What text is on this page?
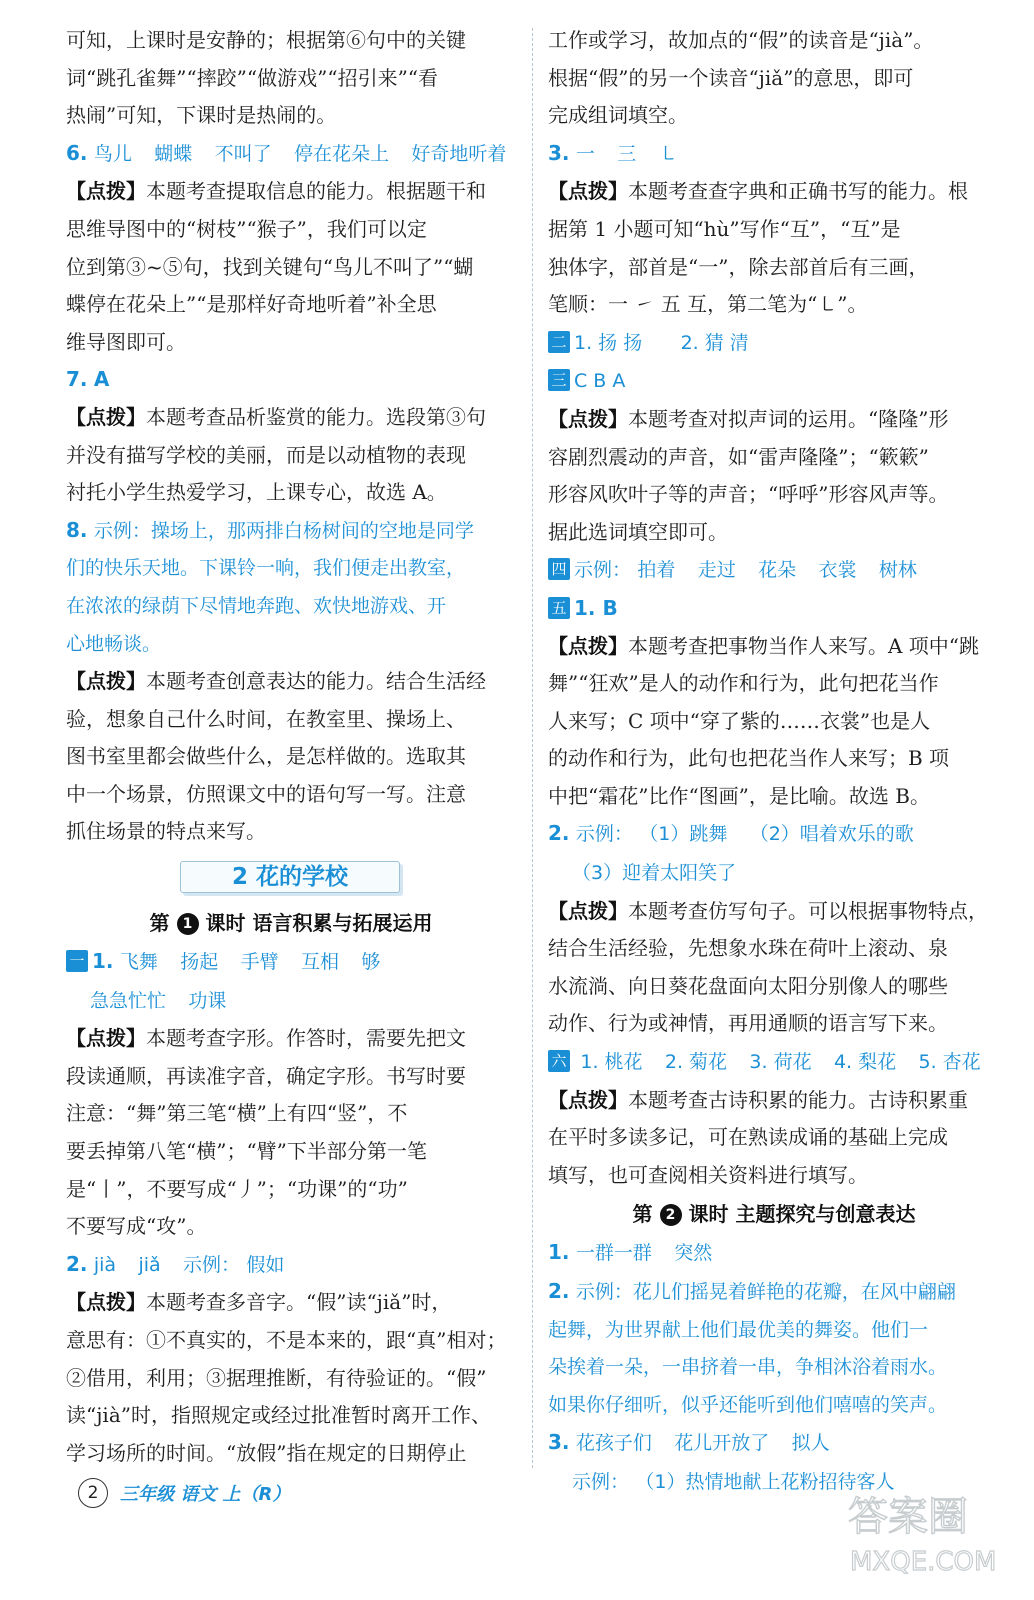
可知，上课时是安静的；根据第⑥句中的关键

词“跳孔雀舞”“摔跤”“做游戏”“招引来”“看

热闹”可知，下课时是热闹的。

6. 鸟儿 蝴蝶 不叫了 停在花朵上 好奇地听着

【点拨】本题考查提取信息的能力。根据题干和

思维导图中的“树枝”“猴子”，我们可以定

位到第③~⑤句，找到关键句“鸟儿不叫了”“蝴

蝶停在花朵上”“是那样好奇地听着”补全思

维导图即可。

7. A

【点拨】本题考查品析鉴赏的能力。选段第③句

并没有描写学校的美丽，而是以动植物的表现

衬托小学生热爱学习，上课专心，故选 A。

8. 示例：操场上，那两排白杨树间的空地是同学

们的快乐天地。下课铃一响，我们便走出教室，

在浓浓的绿荫下尽情地奔跑、欢快地游戏、开

心地畅谈。

【点拨】本题考查创意表达的能力。结合生活经

验，想象自己什么时间，在教室里、操场上、

图书室里都会做些什么，是怎样做的。选取其

中一个场景，仿照课文中的语句写一写。注意

抓住场景的特点来写。

2 花的学校
第 1 课时 语言积累与拓展运用

一 1. 飞舞 扬起 手臂 互相 够

急急忙忙 功课

【点拨】本题考查字形。作答时，需要先把文

段读通顺，再读准字音，确定字形。书写时要

注意：“舞”第三笔“横”上有四“竖”，不

要丢掉第八笔“横”；“臂”下半部分第一笔

是“丨”，不要写成“丿”；“功课”的“功”

不要写成“攻”。

2. jià jiǎ 示例： 假如

【点拨】本题考查多音字。“假”读“jiǎ”时，

意思有：①不真实的，不是本来的，跟“真”相对；

②借用，利用；③据理推断，有待验证的。“假”

读“jià”时，指照规定或经过批准暂时离开工作、

学习场所的时间。“放假”指在规定的日期停止

工作或学习，故加点的“假”的读音是“jià”。

根据“假”的另一个读音“jiǎ”的意思，即可

完成组词填空。

3. 一 三 ㇄

【点拨】本题考查查字典和正确书写的能力。根

据第 1 小题可知“hù”写作“互”，“互”是

独体字，部首是“一”，除去部首后有三画，

笔顺：一 ㇀ 五 互，第二笔为“㇄”。

二 1. 扬 扬 2. 猜 清

三 C B A

【点拨】本题考查对拟声词的运用。“隆隆”形

容剧烈震动的声音，如“雷声隆隆”；“簌簌”

形容风吹叶子等的声音；“呼呼”形容风声等。

据此选词填空即可。

四 示例： 拍着 走过 花朵 衣裳 树林

五 1. B

【点拨】本题考查把事物当作人来写。A 项中“跳

舞”“狂欢”是人的动作和行为，此句把花当作

人来写；C 项中“穿了紫的……衣裳”也是人

的动作和行为，此句也把花当作人来写；B 项

中把“霜花”比作“图画”，是比喻。故选 B。

2. 示例： （1）跳舞 （2）唱着欢乐的歌

（3）迎着太阳笑了

【点拨】本题考查仿写句子。可以根据事物特点，

结合生活经验，先想象水珠在荷叶上滚动、泉

水流淌、向日葵花盘面向太阳分别像人的哪些

动作、行为或神情，再用通顺的语言写下来。

六 1. 桃花 2. 菊花 3. 荷花 4. 梨花 5. 杏花

【点拨】本题考查古诗积累的能力。古诗积累重

在平时多读多记，可在熟读成诵的基础上完成

填写，也可查阅相关资料进行填写。

第 2 课时 主题探究与创意表达

1. 一群一群 突然

2. 示例：花儿们摇晃着鲜艳的花瓣，在风中翩翩

起舞，为世界献上他们最优美的舞姿。他们一

朵挨着一朵，一串挤着一串，争相沐浴着雨水。

如果你仔细听，似乎还能听到他们嘻嘻的笑声。

3. 花孩子们 花儿开放了 拟人

示例： （1）热情地献上花粉招待客人

2	三年级 语文 上（R）	答案圈
MXQE.COM
